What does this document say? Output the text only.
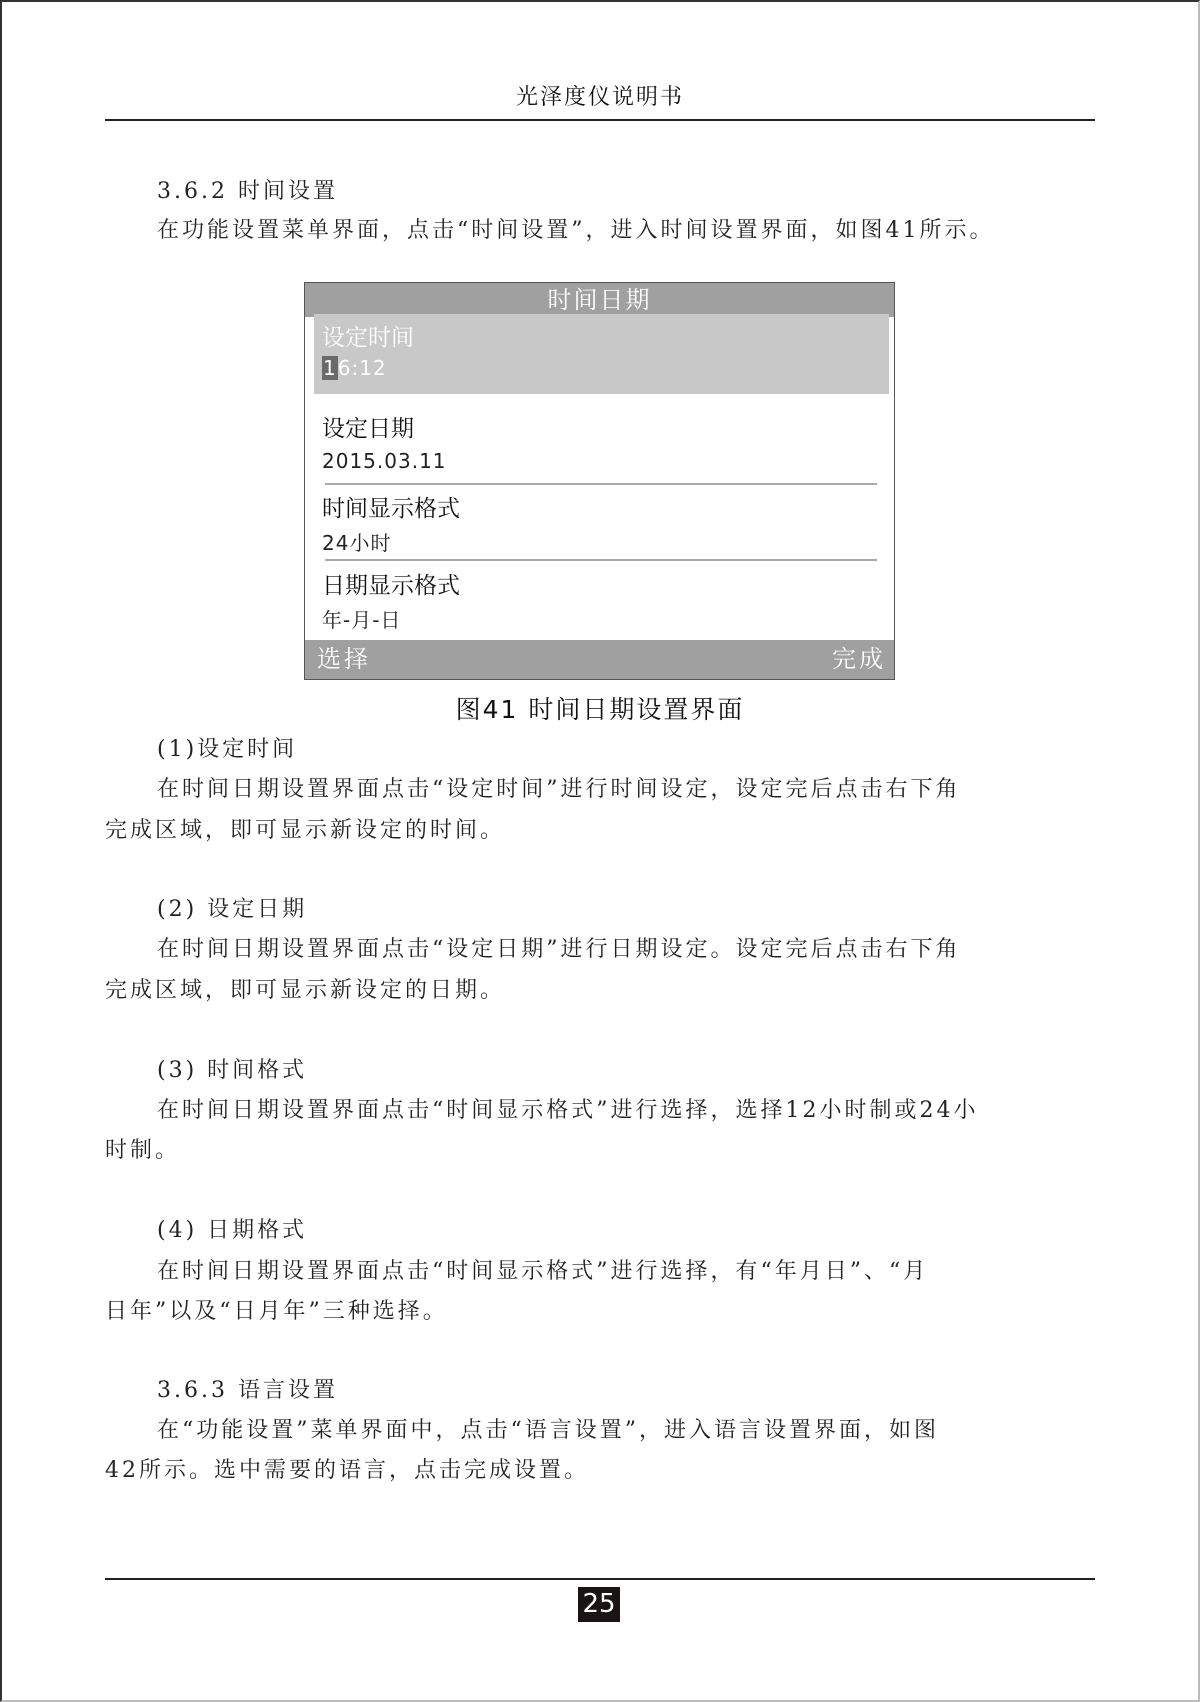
光泽度仪说明书
3.6.2 时间设置
在功能设置菜单界面，点击“时间设置”，进入时间设置界面，如图41所示。
时间日期
设定时间
16:12
设定日期
2015.03.11
时间显示格式
24小时
日期显示格式
年-月-日
选择	完成
图41 时间日期设置界面
(1)设定时间
在时间日期设置界面点击“设定时间”进行时间设定，设定完后点击右下角
完成区域，即可显示新设定的时间。
(2) 设定日期
在时间日期设置界面点击“设定日期”进行日期设定。设定完后点击右下角
完成区域，即可显示新设定的日期。
(3) 时间格式
在时间日期设置界面点击“时间显示格式”进行选择，选择12小时制或24小
时制。
(4) 日期格式
在时间日期设置界面点击“时间显示格式”进行选择，有“年月日”、“月
日年”以及“日月年”三种选择。
3.6.3 语言设置
在“功能设置”菜单界面中，点击“语言设置”，进入语言设置界面，如图
42所示。选中需要的语言，点击完成设置。
25
